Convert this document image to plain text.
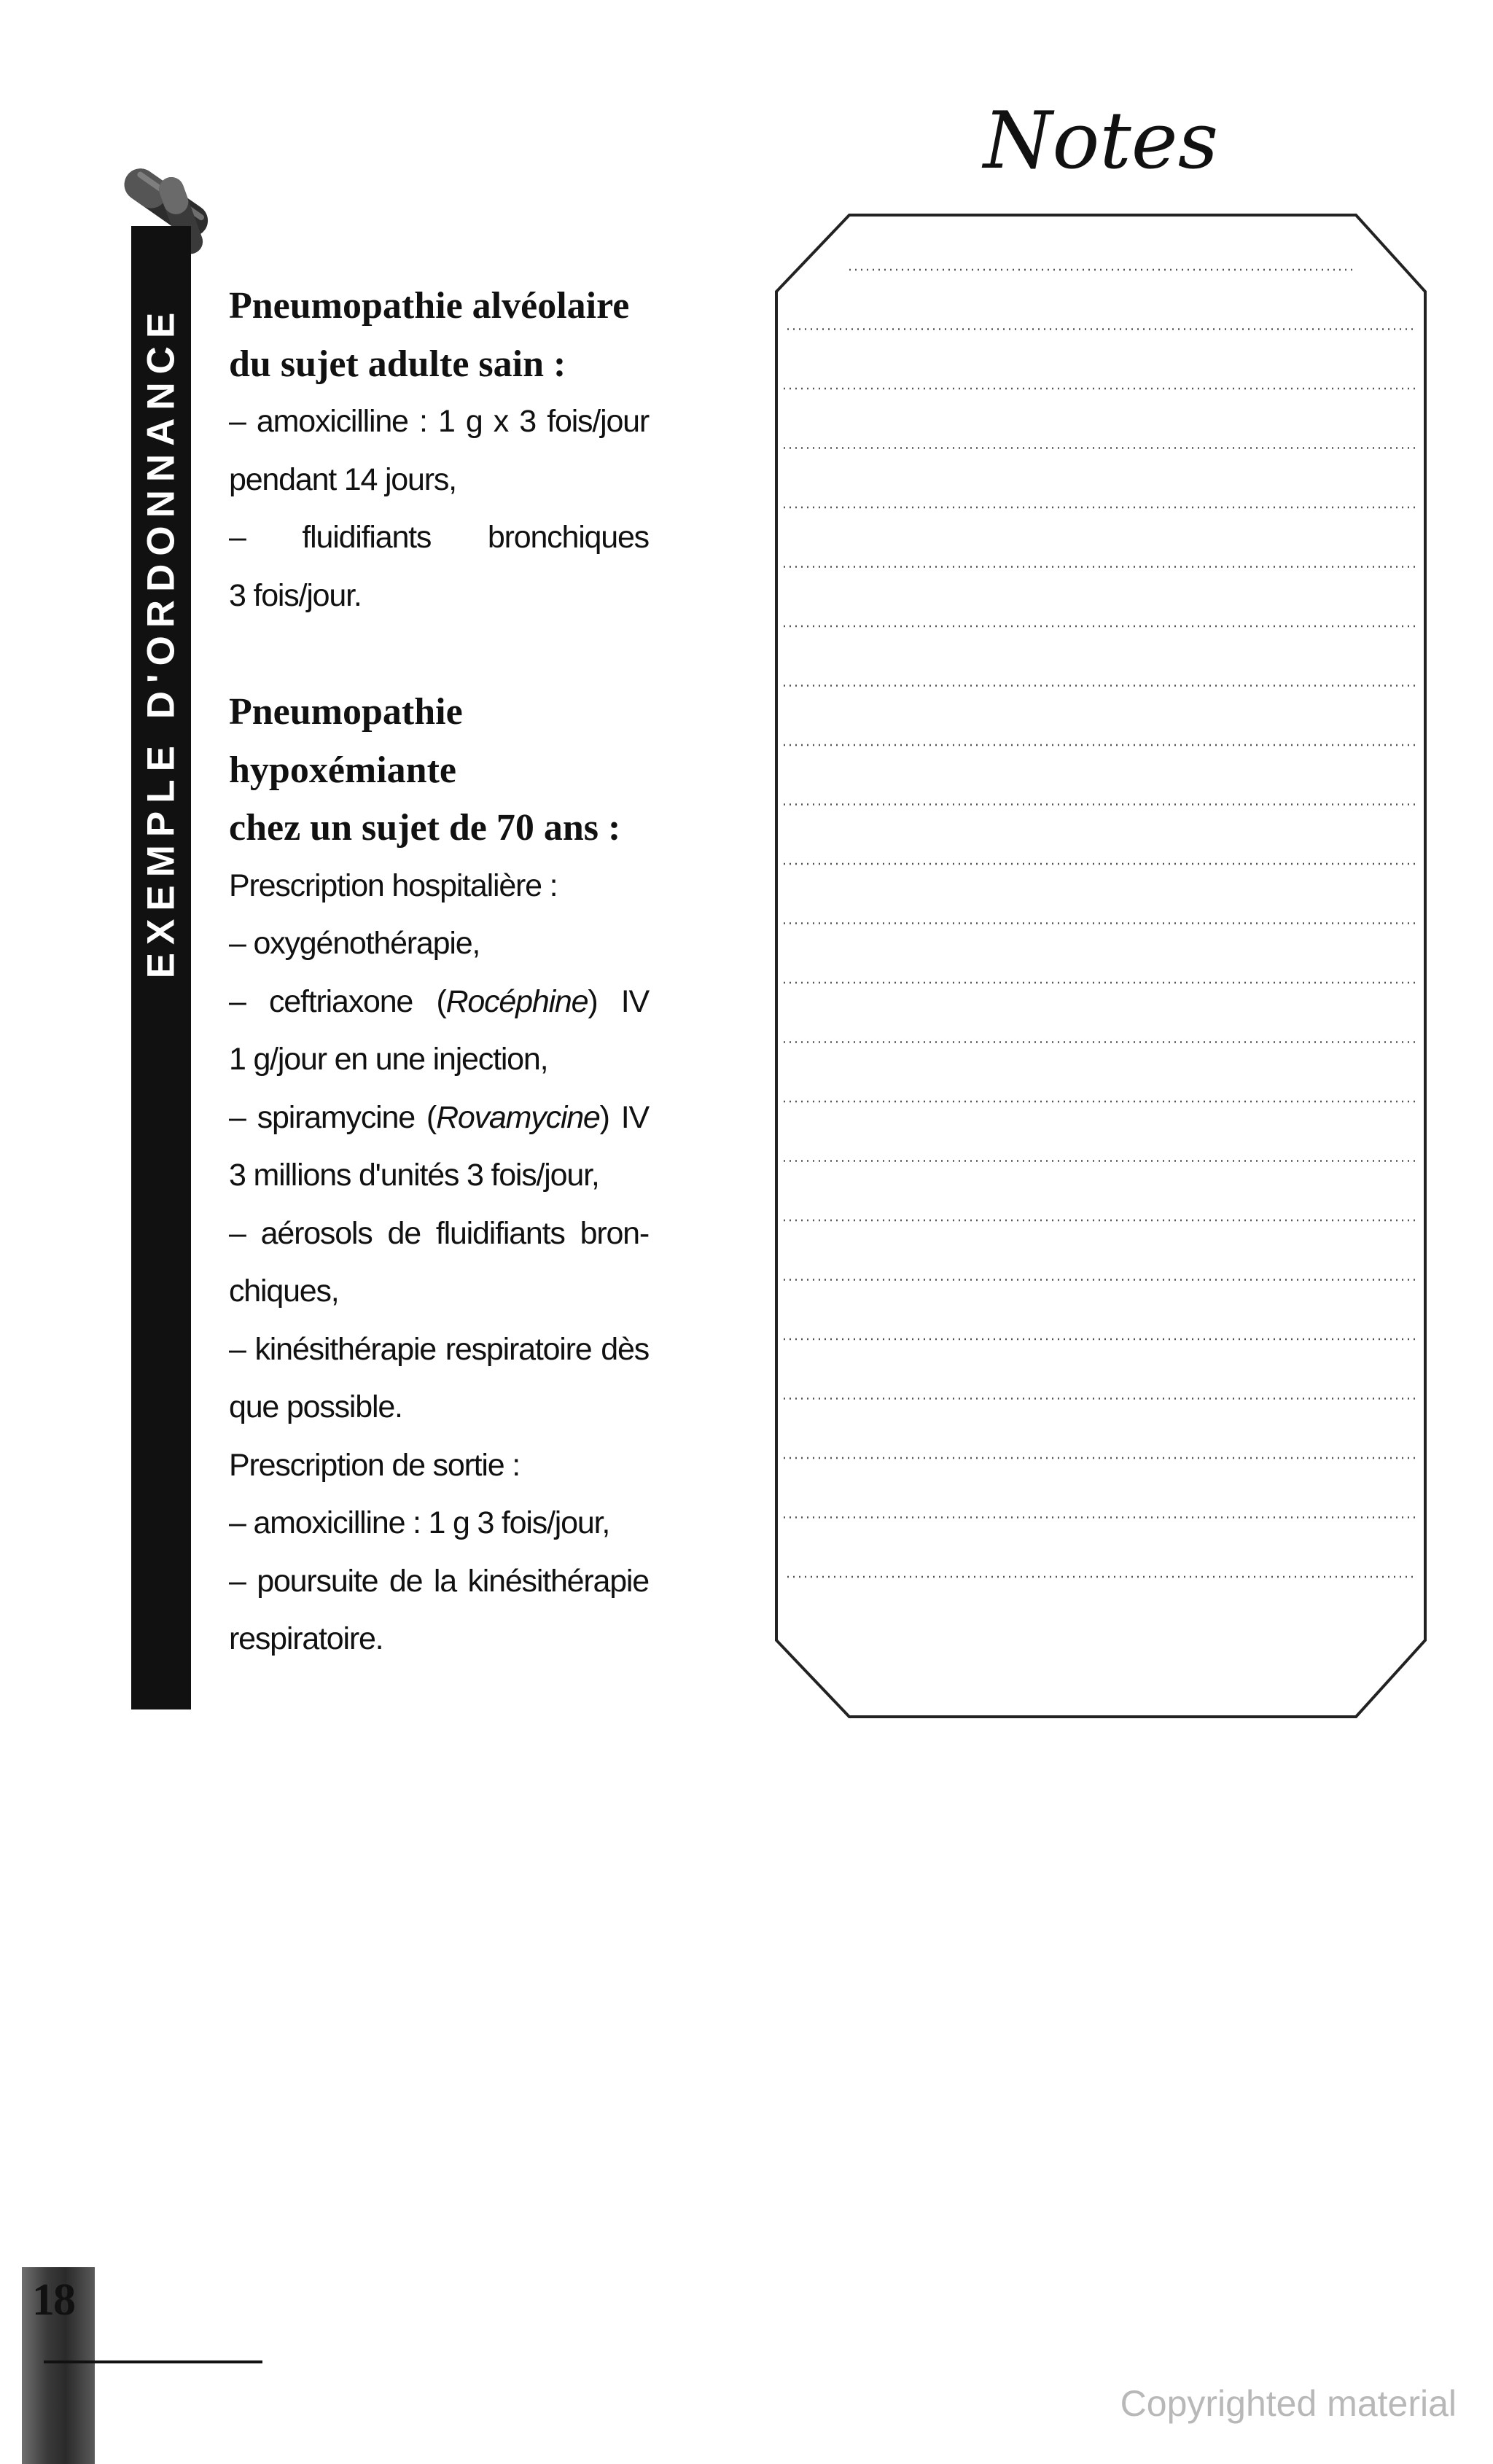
EXEMPLE D'ORDONNANCE Pneumopathie alvéolaire

du sujet adulte sain :

– amoxicilline : 1 g x 3 fois/jour

pendant 14 jours,

– fluidifiants bronchiques

3 fois/jour.

Pneumopathie

hypoxémiante

chez un sujet de 70 ans :

Prescription hospitalière :

– oxygénothérapie,

– ceftriaxone (Rocéphine) IV

1 g/jour en une injection,

– spiramycine (Rovamycine) IV

3 millions d'unités 3 fois/jour,

– aérosols de fluidifiants bron-

chiques,

– kinésithérapie respiratoire dès

que possible.

Prescription de sortie :

– amoxicilline : 1 g 3 fois/jour,

– poursuite de la kinésithérapie

respiratoire.

Notes
18
Copyrighted material
